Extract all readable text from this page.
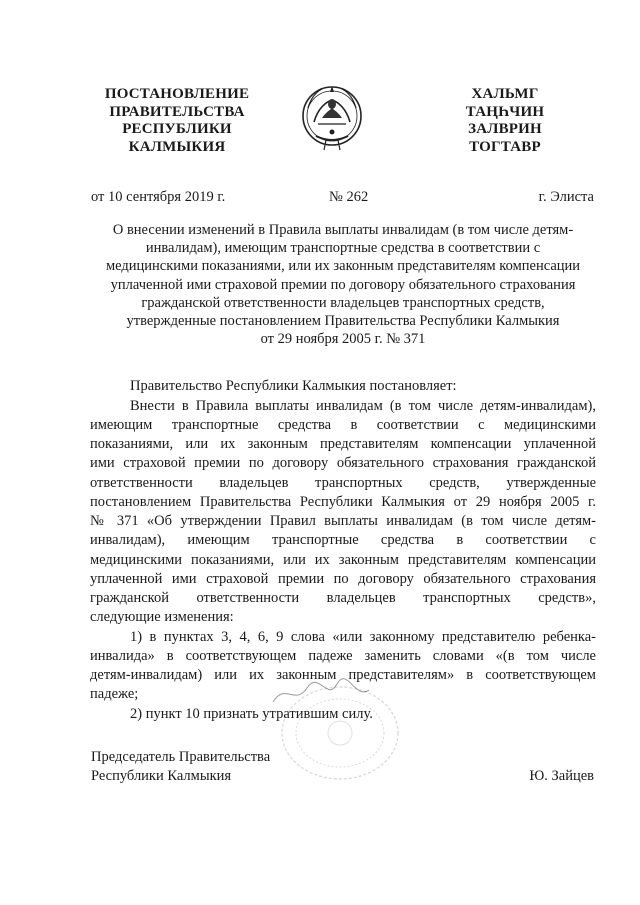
ПОСТАНОВЛЕНИЕ
ПРАВИТЕЛЬСТВА
РЕСПУБЛИКИ
КАЛМЫКИЯ
ХАЛЬМГ
ТАҢҺЧИН
ЗАЛВРИН
ТОГТАВР
от 10 сентября 2019 г.	№ 262	г. Элиста
О внесении изменений в Правила выплаты инвалидам (в том числе детям-
инвалидам), имеющим транспортные средства в соответствии с
медицинскими показаниями, или их законным представителям компенсации
уплаченной ими страховой премии по договору обязательного страхования
гражданской ответственности владельцев транспортных средств,
утвержденные постановлением Правительства Республики Калмыкия
от 29 ноября 2005 г. № 371
Правительство Республики Калмыкия постановляет:
Внести в Правила выплаты инвалидам (в том числе детям-инвалидам),
имеющим транспортные средства в соответствии с медицинскими
показаниями, или их законным представителям компенсации уплаченной
ими страховой премии по договору обязательного страхования гражданской
ответственности владельцев транспортных средств, утвержденные
постановлением Правительства Республики Калмыкия от 29 ноября 2005 г.
№ 371 «Об утверждении Правил выплаты инвалидам (в том числе детям-
инвалидам), имеющим транспортные средства в соответствии с
медицинскими показаниями, или их законным представителям компенсации
уплаченной ими страховой премии по договору обязательного страхования
гражданской ответственности владельцев транспортных средств»,
следующие изменения:
1) в пунктах 3, 4, 6, 9 слова «или законному представителю ребенка-
инвалида» в соответствующем падеже заменить словами «(в том числе
детям-инвалидам) или их законным представителям» в соответствующем
падеже;
2) пункт 10 признать утратившим силу.
Председатель Правительства
Республики Калмыкия	Ю. Зайцев
